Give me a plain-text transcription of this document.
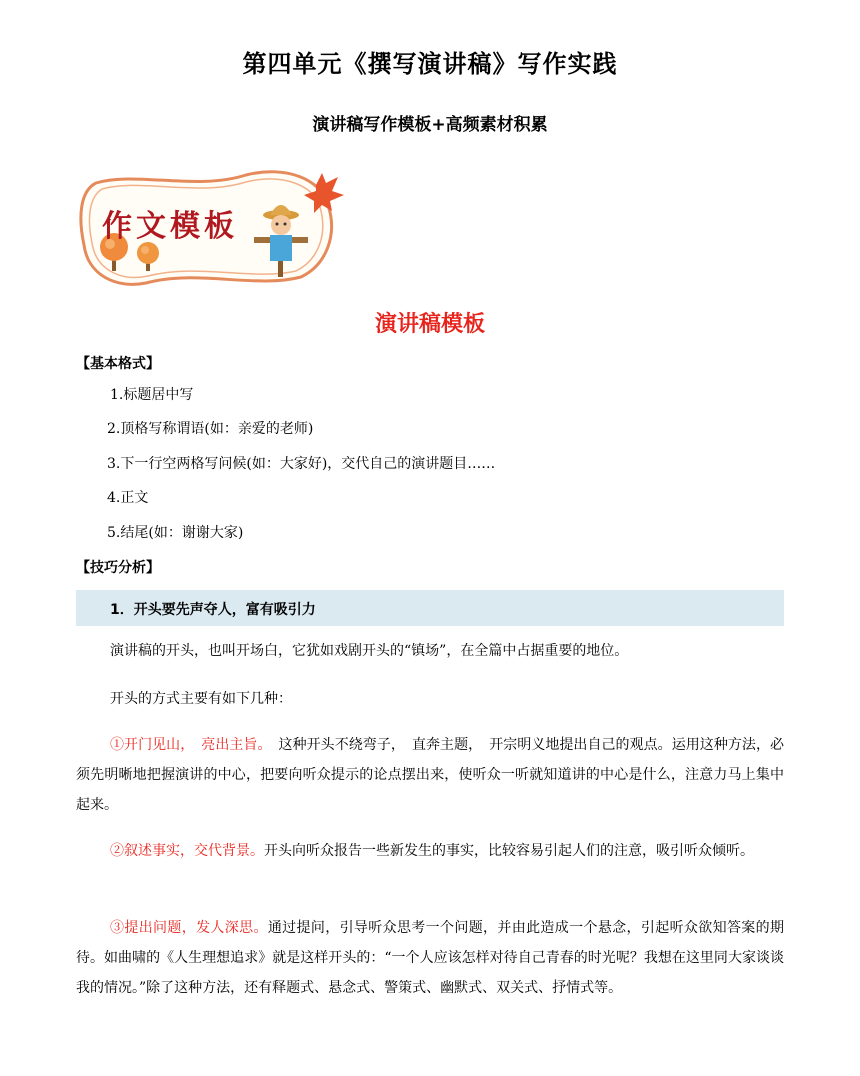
第四单元《撰写演讲稿》写作实践
演讲稿写作模板+高频素材积累
作文模板
演讲稿模板
【基本格式】
1.标题居中写
2.顶格写称谓语(如：亲爱的老师)
3.下一行空两格写问候(如：大家好)，交代自己的演讲题目……
4.正文
5.结尾(如：谢谢大家)
【技巧分析】
1．开头要先声夺人，富有吸引力
演讲稿的开头，也叫开场白，它犹如戏剧开头的“镇场”，在全篇中占据重要的地位。
开头的方式主要有如下几种：
①开门见山，　亮出主旨。　这种开头不绕弯子，　直奔主题，　开宗明义地提出自己的观点。运用这种方法，必须先明晰地把握演讲的中心，把要向听众提示的论点摆出来，使听众一听就知道讲的中心是什么，注意力马上集中起来。
②叙述事实，交代背景。开头向听众报告一些新发生的事实，比较容易引起人们的注意，吸引听众倾听。
③提出问题，发人深思。通过提问，引导听众思考一个问题，并由此造成一个悬念，引起听众欲知答案的期待。如曲啸的《人生理想追求》就是这样开头的：“一个人应该怎样对待自己青春的时光呢？我想在这里同大家谈谈我的情况。”除了这种方法，还有释题式、悬念式、警策式、幽默式、双关式、抒情式等。
